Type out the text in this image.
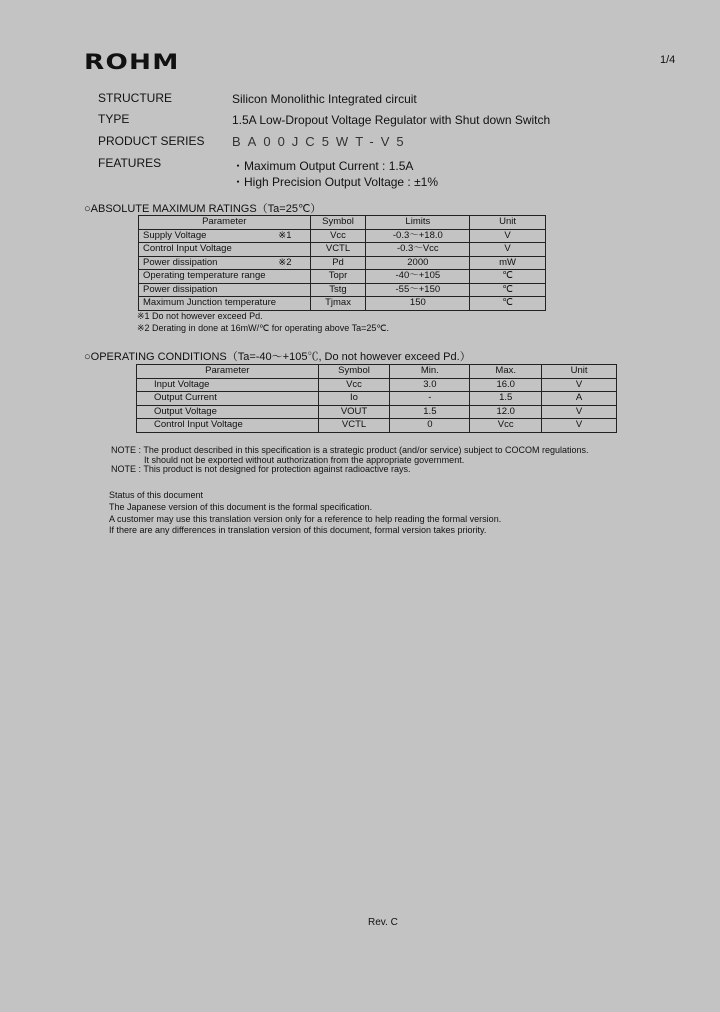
ROHM	1/4
STRUCTURE	Silicon Monolithic Integrated circuit
TYPE	1.5A Low-Dropout Voltage Regulator with Shut down Switch
PRODUCT SERIES BA00JC5WT-V5
FEATURES	・Maximum Output Current : 1.5A
・High Precision Output Voltage : ±1%
○ABSOLUTE MAXIMUM RATINGS（Ta=25℃）
Parameter	Symbol	Limits	Unit
Supply Voltage ※1	Vcc	-0.3～+18.0	V
Control Input Voltage	VCTL	-0.3～Vcc	V
Power dissipation ※2	Pd	2000	mW
Operating temperature range	Topr	-40～+105	℃
Power dissipation	Tstg	-55～+150	℃
Maximum Junction temperature	Tjmax	150	℃
※1 Do not however exceed Pd.
※2 Derating in done at 16mW/℃ for operating above Ta=25℃.
○OPERATING CONDITIONS（Ta=-40～+105℃, Do not however exceed Pd.）
Parameter	Symbol	Min.	Max.	Unit
Input Voltage	Vcc	3.0	16.0	V
Output Current	Io	-	1.5	A
Output Voltage	VOUT	1.5	12.0	V
Control Input Voltage	VCTL	0	Vcc	V
NOTE : The product described in this specification is a strategic product (and/or service) subject to COCOM regulations.
It should not be exported without authorization from the appropriate government.
NOTE : This product is not designed for protection against radioactive rays.
Status of this document
The Japanese version of this document is the formal specification.
A customer may use this translation version only for a reference to help reading the formal version.
If there are any differences in translation version of this document, formal version takes priority.
Rev. C
